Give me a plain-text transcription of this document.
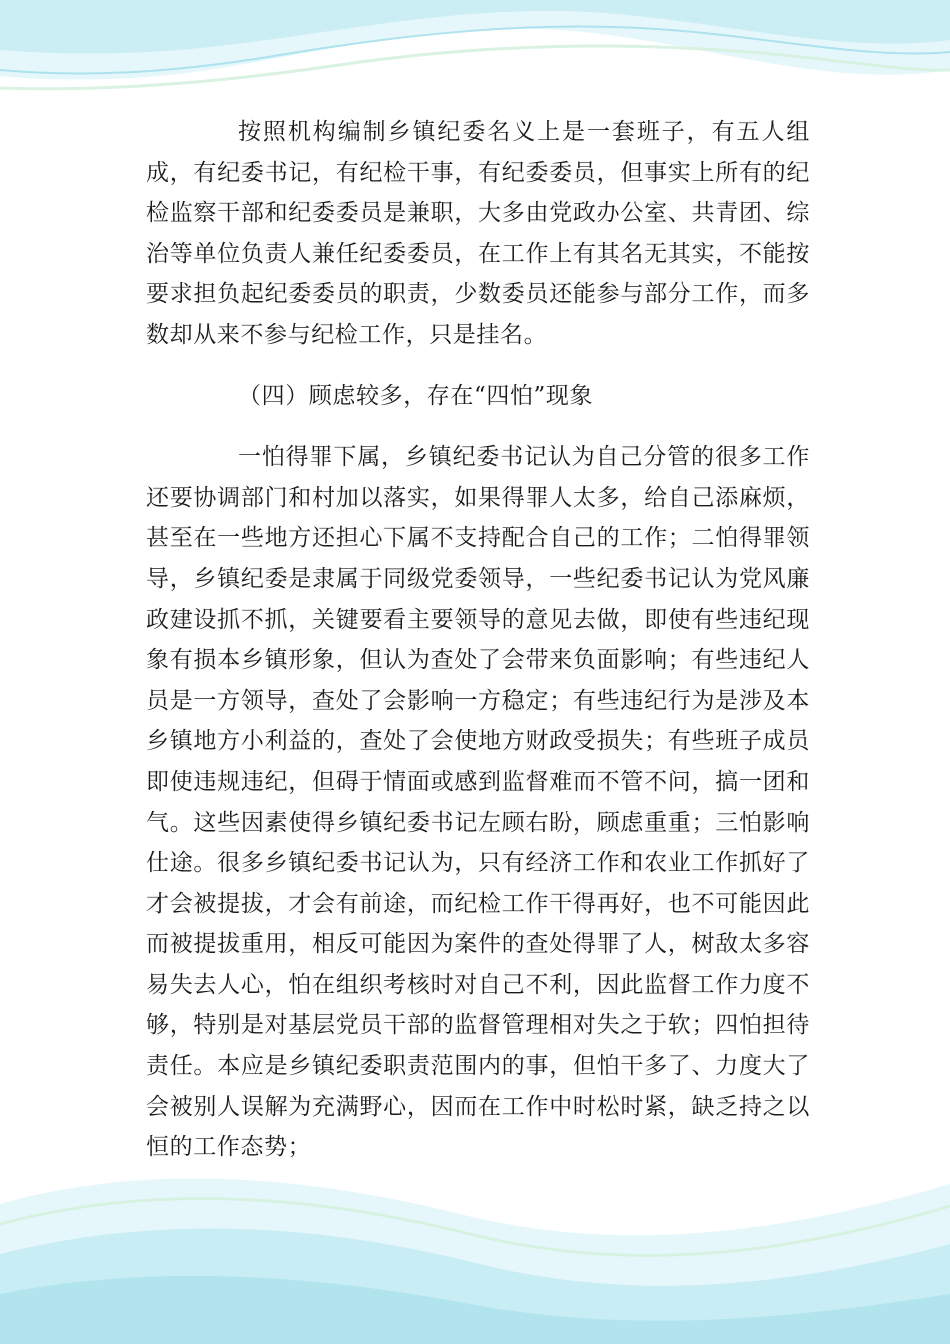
按照机构编制乡镇纪委名义上是一套班子，有五人组成，有纪委书记，有纪检干事，有纪委委员，但事实上所有的纪检监察干部和纪委委员是兼职，大多由党政办公室、共青团、综治等单位负责人兼任纪委委员，在工作上有其名无其实，不能按要求担负起纪委委员的职责，少数委员还能参与部分工作，而多数却从来不参与纪检工作，只是挂名。

（四）顾虑较多，存在“四怕”现象

一怕得罪下属，乡镇纪委书记认为自己分管的很多工作还要协调部门和村加以落实，如果得罪人太多，给自己添麻烦，甚至在一些地方还担心下属不支持配合自己的工作；二怕得罪领导，乡镇纪委是隶属于同级党委领导，一些纪委书记认为党风廉政建设抓不抓，关键要看主要领导的意见去做，即使有些违纪现象有损本乡镇形象，但认为查处了会带来负面影响；有些违纪人员是一方领导，查处了会影响一方稳定；有些违纪行为是涉及本乡镇地方小利益的，查处了会使地方财政受损失；有些班子成员即使违规违纪，但碍于情面或感到监督难而不管不问，搞一团和气。这些因素使得乡镇纪委书记左顾右盼，顾虑重重；三怕影响仕途。很多乡镇纪委书记认为，只有经济工作和农业工作抓好了才会被提拔，才会有前途，而纪检工作干得再好，也不可能因此而被提拔重用，相反可能因为案件的查处得罪了人，树敌太多容易失去人心，怕在组织考核时对自己不利，因此监督工作力度不够，特别是对基层党员干部的监督管理相对失之于软；四怕担待责任。本应是乡镇纪委职责范围内的事，但怕干多了、力度大了会被别人误解为充满野心，因而在工作中时松时紧，缺乏持之以恒的工作态势；
